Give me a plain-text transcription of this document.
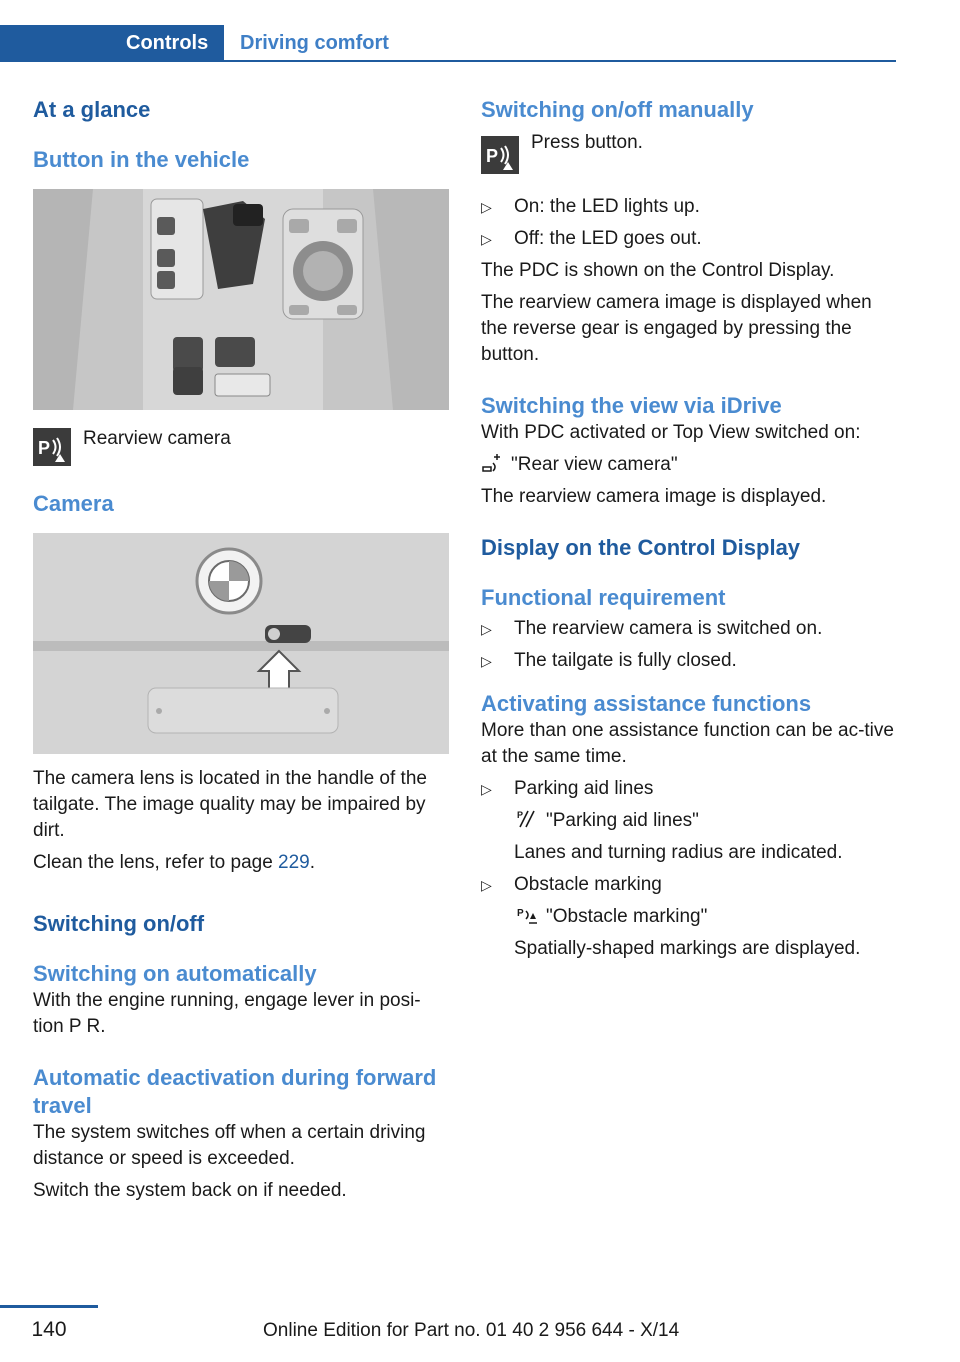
Controls	Driving comfort
At a glance
Button in the vehicle
P Rearview camera
Camera

The camera lens is located in the handle of the tailgate. The image quality may be impaired by dirt.

Clean the lens, refer to page 229.

Switching on/off
Switching on automatically

With the engine running, engage lever in posi‐tion P R.

Automatic deactivation during forward travel

The system switches off when a certain driving distance or speed is exceeded.

Switch the system back on if needed.

Switching on/off manually
P
Press button.
▷ On: the LED lights up.
▷ Off: the LED goes out.

The PDC is shown on the Control Display.

The rearview camera image is displayed when the reverse gear is engaged by pressing the button.

Switching the view via iDrive

With PDC activated or Top View switched on:

"Rear view camera"

The rearview camera image is displayed.

Display on the Control Display
Functional requirement
▷ The rearview camera is switched on.
▷ The tailgate is fully closed.
Activating assistance functions

More than one assistance function can be ac‐tive at the same time.

▷ Parking aid lines
P "Parking aid lines"
Lanes and turning radius are indicated.
▷ Obstacle marking
P "Obstacle marking"
Spatially-shaped markings are displayed.
140	Online Edition for Part no. 01 40 2 956 644 - X/14
